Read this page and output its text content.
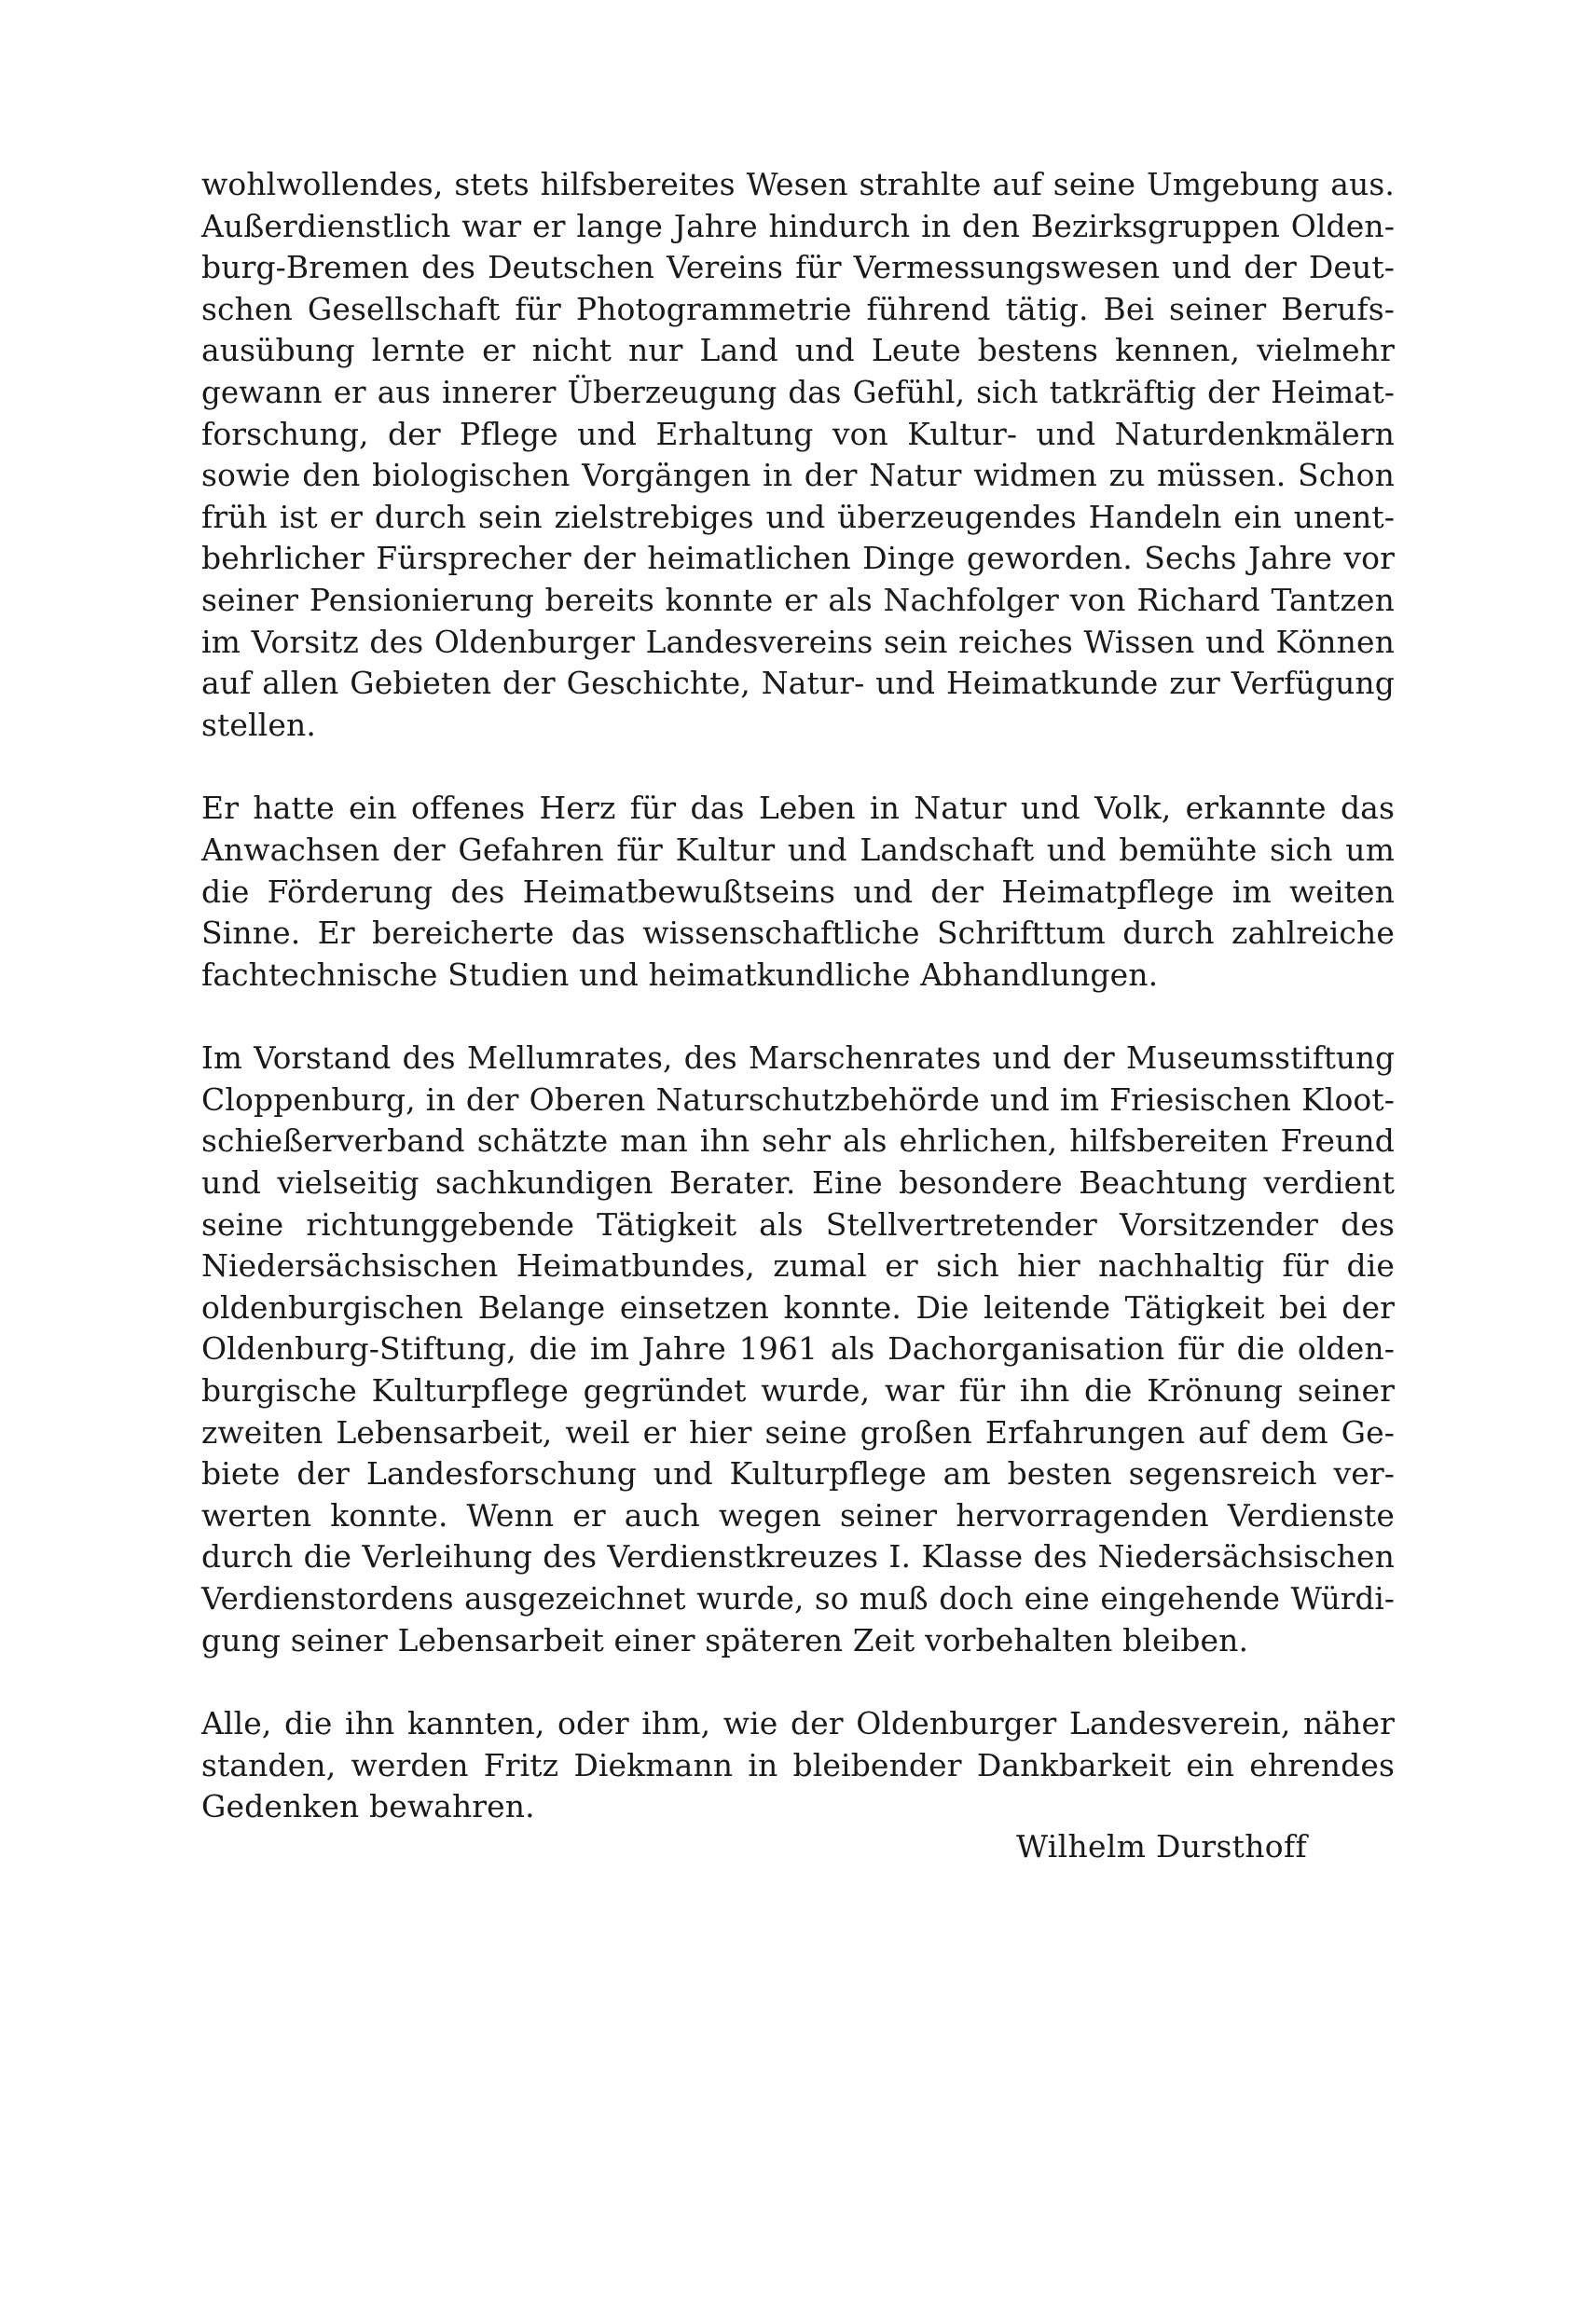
wohlwollendes, stets hilfsbereites Wesen strahlte auf seine Umgebung aus.
Außerdienstlich war er lange Jahre hindurch in den Bezirksgruppen Olden-
burg-Bremen des Deutschen Vereins für Vermessungswesen und der Deut-
schen Gesellschaft für Photogrammetrie führend tätig. Bei seiner Berufs-
ausübung lernte er nicht nur Land und Leute bestens kennen, vielmehr
gewann er aus innerer Überzeugung das Gefühl, sich tatkräftig der Heimat-
forschung, der Pflege und Erhaltung von Kultur- und Naturdenkmälern
sowie den biologischen Vorgängen in der Natur widmen zu müssen. Schon
früh ist er durch sein zielstrebiges und überzeugendes Handeln ein unent-
behrlicher Fürsprecher der heimatlichen Dinge geworden. Sechs Jahre vor
seiner Pensionierung bereits konnte er als Nachfolger von Richard Tantzen
im Vorsitz des Oldenburger Landesvereins sein reiches Wissen und Können
auf allen Gebieten der Geschichte, Natur- und Heimatkunde zur Verfügung
stellen.
Er hatte ein offenes Herz für das Leben in Natur und Volk, erkannte das
Anwachsen der Gefahren für Kultur und Landschaft und bemühte sich um
die Förderung des Heimatbewußtseins und der Heimatpflege im weiten
Sinne. Er bereicherte das wissenschaftliche Schrifttum durch zahlreiche
fachtechnische Studien und heimatkundliche Abhandlungen.
Im Vorstand des Mellumrates, des Marschenrates und der Museumsstiftung
Cloppenburg, in der Oberen Naturschutzbehörde und im Friesischen Kloot-
schießerverband schätzte man ihn sehr als ehrlichen, hilfsbereiten Freund
und vielseitig sachkundigen Berater. Eine besondere Beachtung verdient
seine richtunggebende Tätigkeit als Stellvertretender Vorsitzender des
Niedersächsischen Heimatbundes, zumal er sich hier nachhaltig für die
oldenburgischen Belange einsetzen konnte. Die leitende Tätigkeit bei der
Oldenburg-Stiftung, die im Jahre 1961 als Dachorganisation für die olden-
burgische Kulturpflege gegründet wurde, war für ihn die Krönung seiner
zweiten Lebensarbeit, weil er hier seine großen Erfahrungen auf dem Ge-
biete der Landesforschung und Kulturpflege am besten segensreich ver-
werten konnte. Wenn er auch wegen seiner hervorragenden Verdienste
durch die Verleihung des Verdienstkreuzes I. Klasse des Niedersächsischen
Verdienstordens ausgezeichnet wurde, so muß doch eine eingehende Würdi-
gung seiner Lebensarbeit einer späteren Zeit vorbehalten bleiben.
Alle, die ihn kannten, oder ihm, wie der Oldenburger Landesverein, näher
standen, werden Fritz Diekmann in bleibender Dankbarkeit ein ehrendes
Gedenken bewahren.
Wilhelm Dursthoff
